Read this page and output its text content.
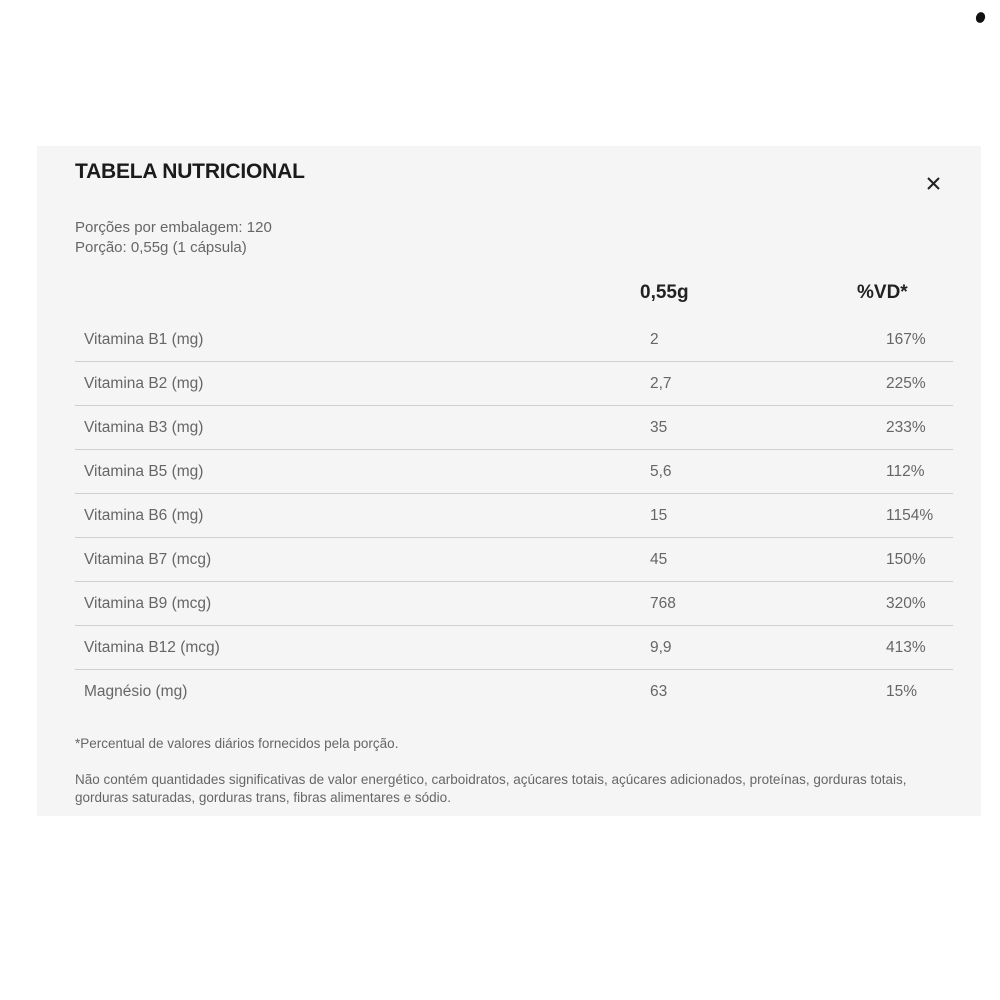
TABELA NUTRICIONAL
Porções por embalagem: 120
Porção: 0,55g (1 cápsula)
0,55g	%VD*
Vitamina B1 (mg)	2	167%
Vitamina B2 (mg)	2,7	225%
Vitamina B3 (mg)	35	233%
Vitamina B5 (mg)	5,6	112%
Vitamina B6 (mg)	15	1154%
Vitamina B7 (mcg)	45	150%
Vitamina B9 (mcg)	768	320%
Vitamina B12 (mcg)	9,9	413%
Magnésio (mg)	63	15%

*Percentual de valores diários fornecidos pela porção.

Não contém quantidades significativas de valor energético, carboidratos, açúcares totais, açúcares adicionados, proteínas, gorduras totais, gorduras saturadas, gorduras trans, fibras alimentares e sódio.
